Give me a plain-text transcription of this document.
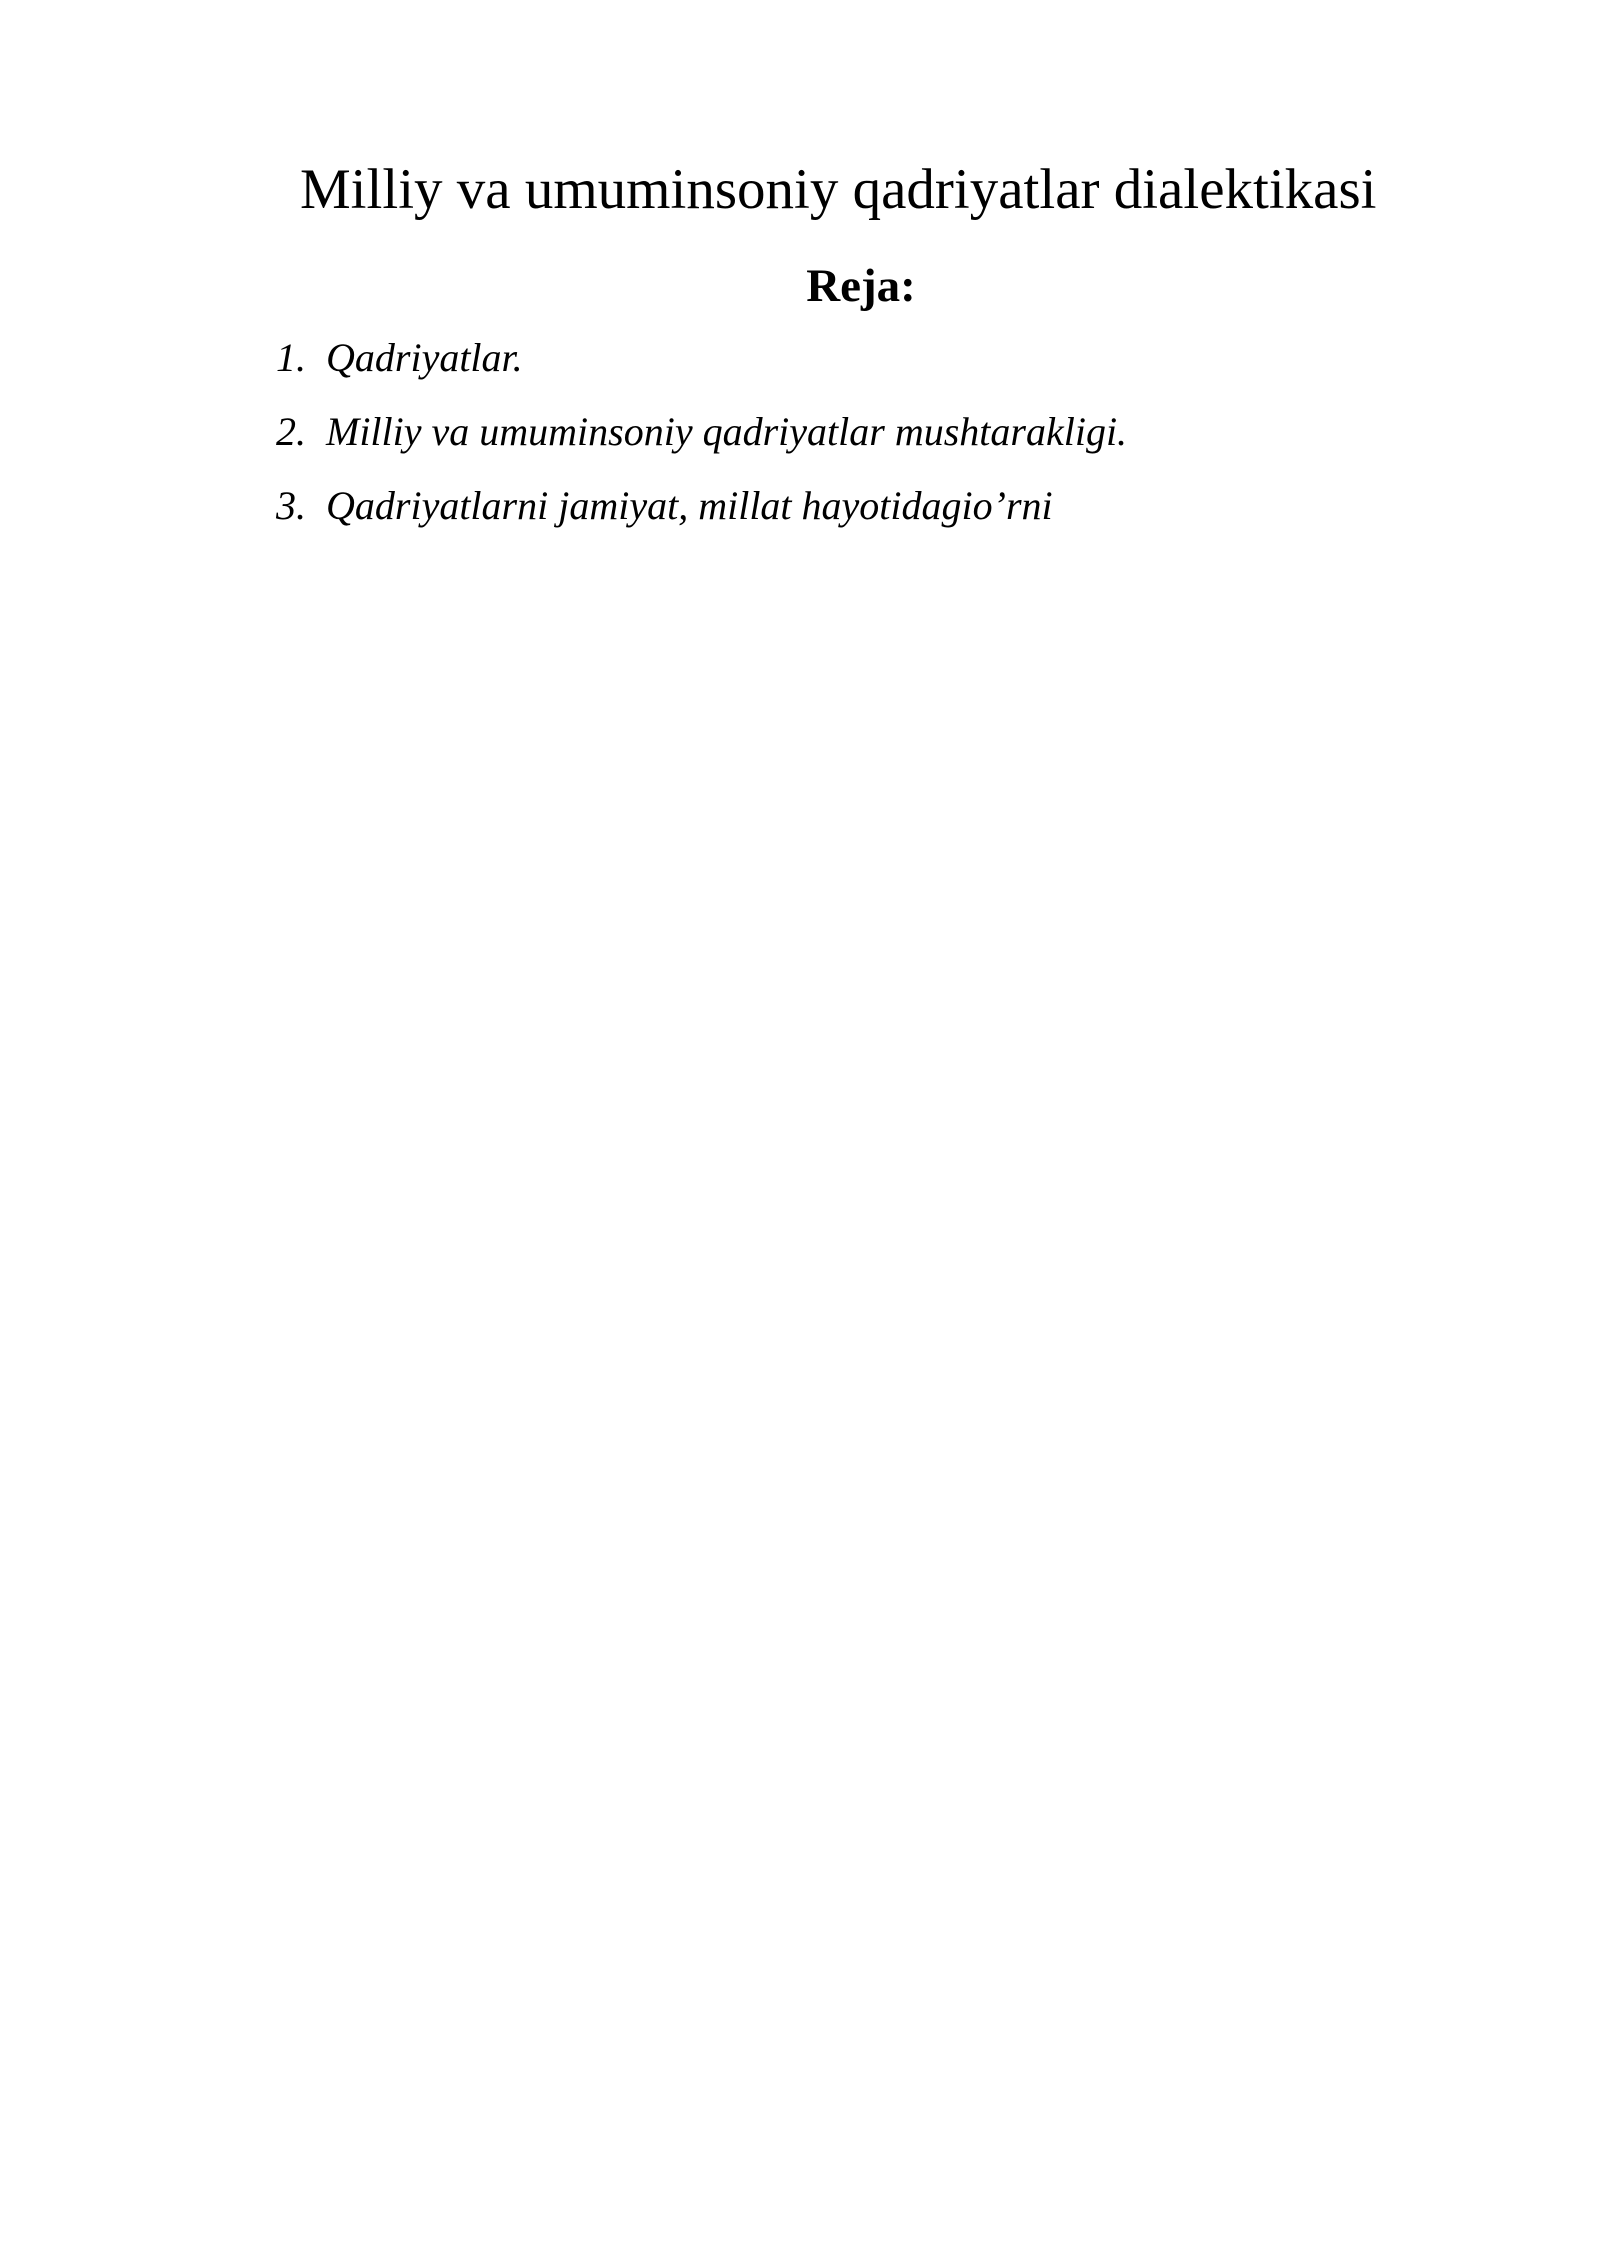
Milliy va umuminsoniy qadriyatlar dialektikasi
Reja:
1. Qadriyatlar.
2. Milliy va umuminsoniy qadriyatlar mushtarakligi.
3. Qadriyatlarni jamiyat, millat hayotidagio’rni
